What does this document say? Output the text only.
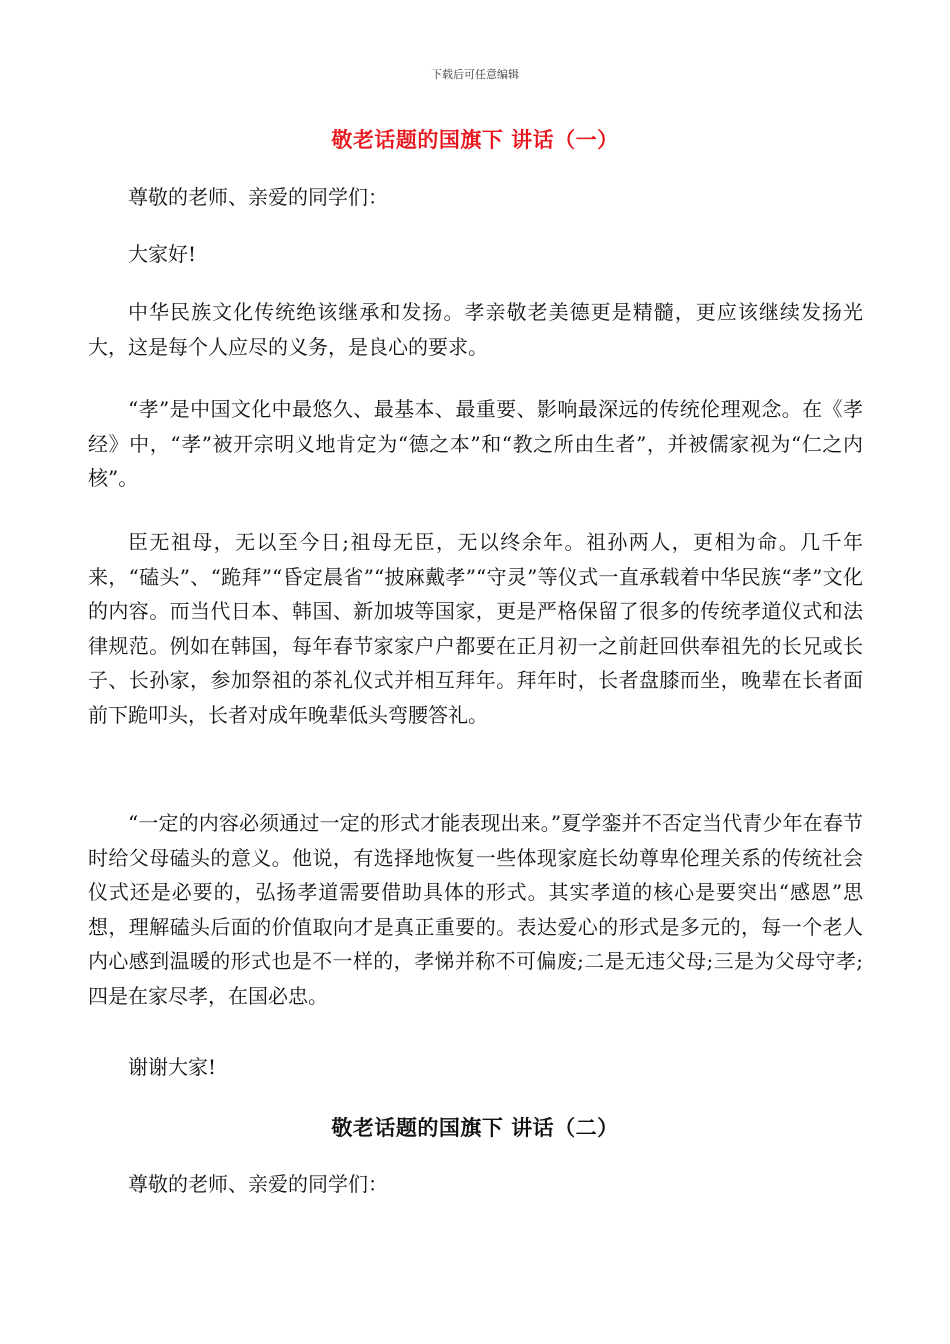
下载后可任意编辑
敬老话题的国旗下 讲话（一）

尊敬的老师、亲爱的同学们：

大家好!

中华民族文化传统绝该继承和发扬。孝亲敬老美德更是精髓，更应该继续发扬光大，这是每个人应尽的义务，是良心的要求。

“孝”是中国文化中最悠久、最基本、最重要、影响最深远的传统伦理观念。在《孝经》中，“孝”被开宗明义地肯定为“德之本”和“教之所由生者”，并被儒家视为“仁之内核”。

臣无祖母，无以至今日;祖母无臣，无以终余年。祖孙两人，更相为命。几千年来，“磕头”、“跪拜”“昏定晨省”“披麻戴孝”“守灵”等仪式一直承载着中华民族“孝”文化的内容。而当代日本、韩国、新加坡等国家，更是严格保留了很多的传统孝道仪式和法律规范。例如在韩国，每年春节家家户户都要在正月初一之前赶回供奉祖先的长兄或长子、长孙家，参加祭祖的茶礼仪式并相互拜年。拜年时，长者盘膝而坐，晚辈在长者面前下跪叩头，长者对成年晚辈低头弯腰答礼。

“一定的内容必须通过一定的形式才能表现出来。”夏学銮并不否定当代青少年在春节时给父母磕头的意义。他说，有选择地恢复一些体现家庭长幼尊卑伦理关系的传统社会仪式还是必要的，弘扬孝道需要借助具体的形式。其实孝道的核心是要突出“感恩”思想，理解磕头后面的价值取向才是真正重要的。表达爱心的形式是多元的，每一个老人内心感到温暖的形式也是不一样的，孝悌并称不可偏废;二是无违父母;三是为父母守孝;四是在家尽孝，在国必忠。

谢谢大家!

敬老话题的国旗下 讲话（二）

尊敬的老师、亲爱的同学们：
